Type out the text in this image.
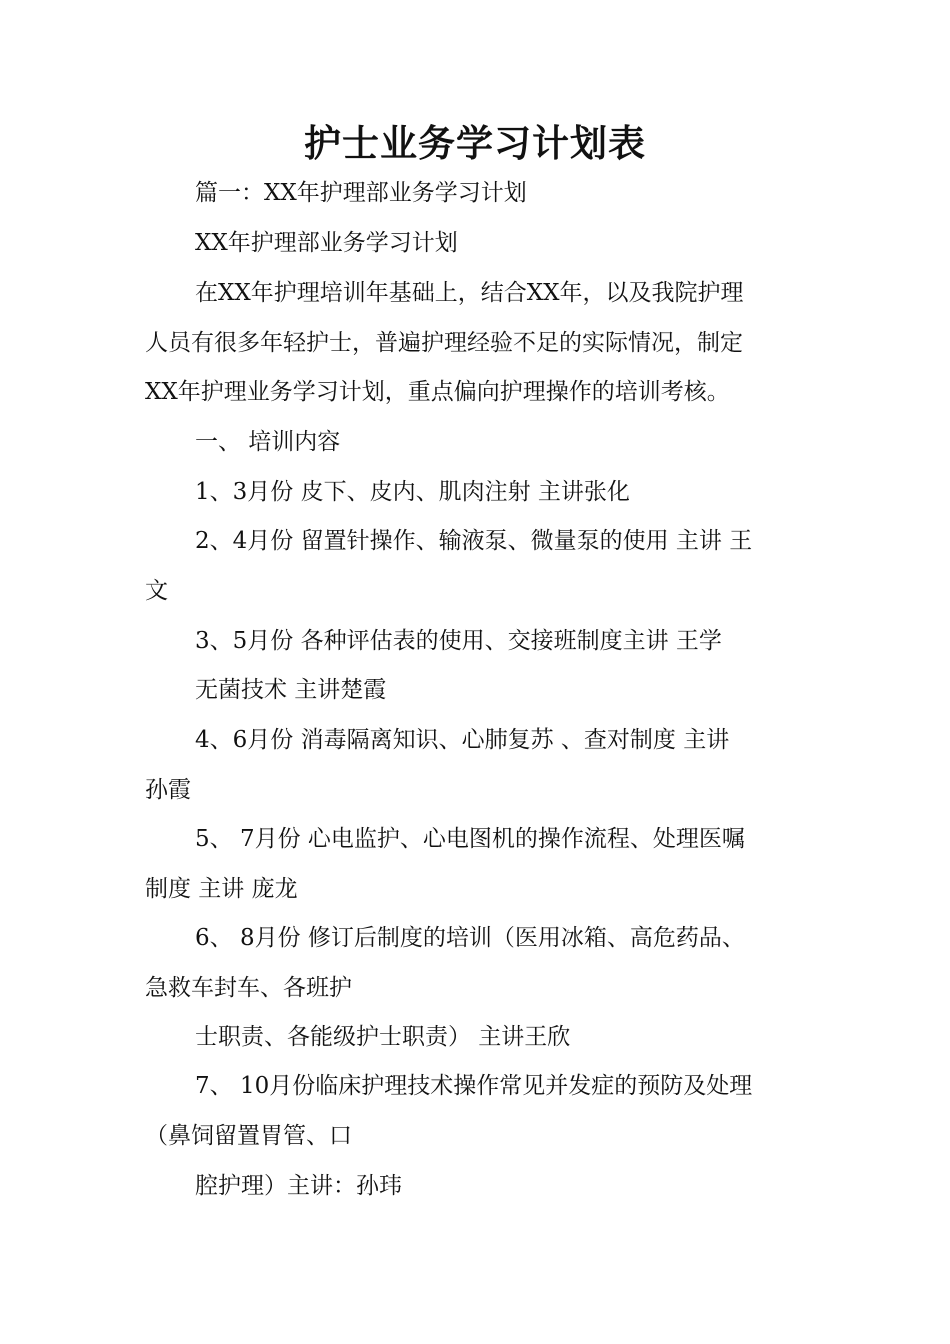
护士业务学习计划表

篇一：XX年护理部业务学习计划

XX年护理部业务学习计划

在XX年护理培训年基础上，结合XX年，以及我院护理

人员有很多年轻护士，普遍护理经验不足的实际情况，制定

XX年护理业务学习计划，重点偏向护理操作的培训考核。

一、 培训内容

1、3月份 皮下、皮内、肌肉注射 主讲张化

2、4月份 留置针操作、输液泵、微量泵的使用 主讲 王

文

3、5月份 各种评估表的使用、交接班制度主讲 王学

无菌技术 主讲楚霞

4、6月份 消毒隔离知识、心肺复苏 、查对制度 主讲

孙霞

5、 7月份 心电监护、心电图机的操作流程、处理医嘱

制度 主讲 庞龙

6、 8月份 修订后制度的培训（医用冰箱、高危药品、

急救车封车、各班护

士职责、各能级护士职责） 主讲王欣

7、 10月份临床护理技术操作常见并发症的预防及处理

（鼻饲留置胃管、口

腔护理）主讲：孙玮
